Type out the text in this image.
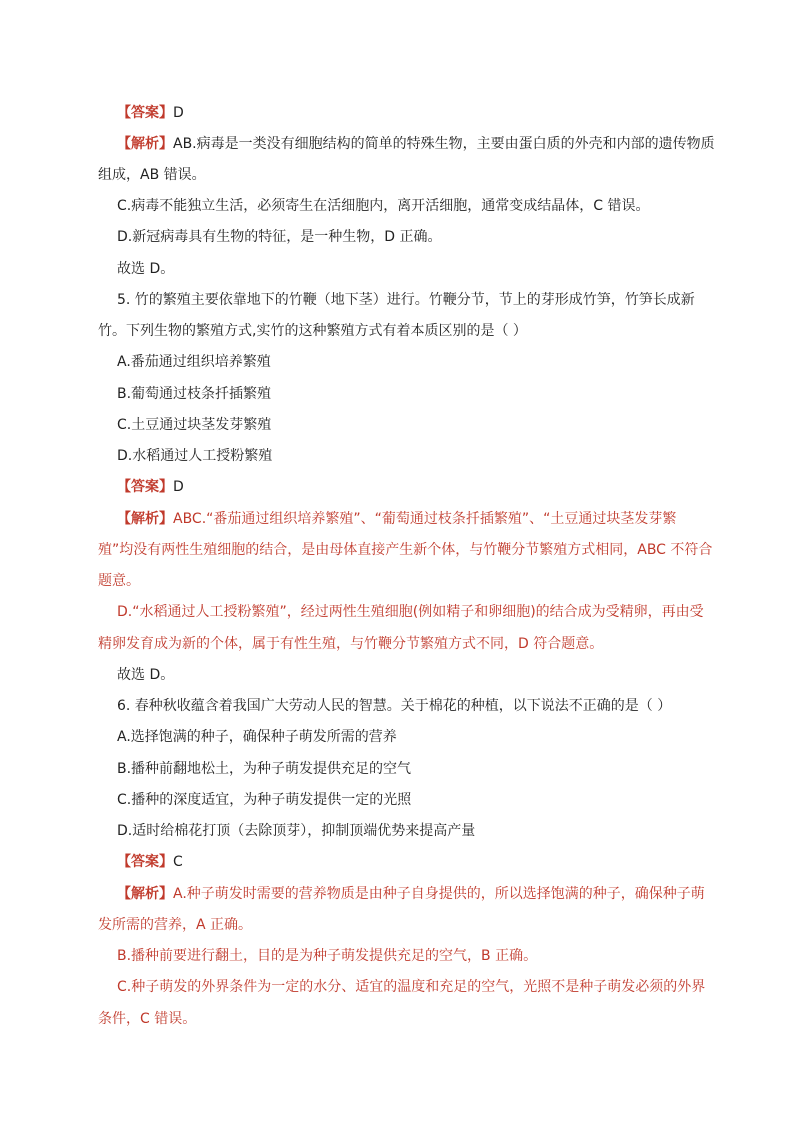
【答案】D
【解析】AB.病毒是一类没有细胞结构的简单的特殊生物，主要由蛋白质的外壳和内部的遗传物质
组成，AB 错误。
C.病毒不能独立生活，必须寄生在活细胞内，离开活细胞，通常变成结晶体，C 错误。
D.新冠病毒具有生物的特征，是一种生物，D 正确。
故选 D。
5. 竹的繁殖主要依靠地下的竹鞭（地下茎）进行。竹鞭分节，节上的芽形成竹笋，竹笋长成新
竹。下列生物的繁殖方式,实竹的这种繁殖方式有着本质区别的是（ ）
A.番茄通过组织培养繁殖
B.葡萄通过枝条扦插繁殖
C.土豆通过块茎发芽繁殖
D.水稻通过人工授粉繁殖
【答案】D
【解析】ABC.“番茄通过组织培养繁殖”、“葡萄通过枝条扦插繁殖”、“土豆通过块茎发芽繁
殖”均没有两性生殖细胞的结合，是由母体直接产生新个体，与竹鞭分节繁殖方式相同，ABC 不符合
题意。
D.“水稻通过人工授粉繁殖”，经过两性生殖细胞(例如精子和卵细胞)的结合成为受精卵，再由受
精卵发育成为新的个体，属于有性生殖，与竹鞭分节繁殖方式不同，D 符合题意。
故选 D。
6. 春种秋收蕴含着我国广大劳动人民的智慧。关于棉花的种植，以下说法不正确的是（ ）
A.选择饱满的种子，确保种子萌发所需的营养
B.播种前翻地松土，为种子萌发提供充足的空气
C.播种的深度适宜，为种子萌发提供一定的光照
D.适时给棉花打顶（去除顶芽），抑制顶端优势来提高产量
【答案】C
【解析】A.种子萌发时需要的营养物质是由种子自身提供的，所以选择饱满的种子，确保种子萌
发所需的营养，A 正确。
B.播种前要进行翻土，目的是为种子萌发提供充足的空气，B 正确。
C.种子萌发的外界条件为一定的水分、适宜的温度和充足的空气，光照不是种子萌发必须的外界
条件，C 错误。
